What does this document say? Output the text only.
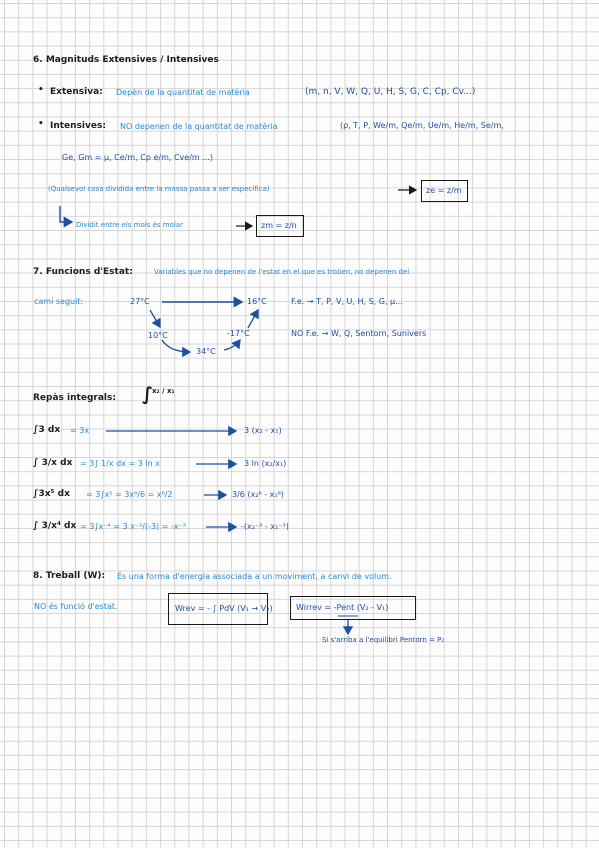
6. Magnituds Extensives / Intensives
• Extensiva: Depèn de la quantitat de matèria	(m, n, V, W, Q, U, H, S, G, C, Cp, Cv...)
• Intensives: NO depenen de la quantitat de matèria	(ρ, T, P, We/m, Qe/m, Ue/m, He/m, Se/m,
Ge, Gm = μ, Ce/m, Cp e/m, Cve/m ...)
(Qualsevol cosa dividida entre la massa passa a ser específica)	ze = z/m
Dividit entre els mols és molar	zm = z/n
7. Funcions d'Estat:	Variables que no depenen de l'estat en el que es troben, no depenen del
camí seguit:	27°C	16°C
10°C	-17°C
34°C
F.e. → T, P, V, U, H, S, G, μ...
NO F.e. → W, Q, Sentorn, Sunivers
Repàs integrals: ∫ x₂ / x₁
∫3 dx = 3x	3 (x₂ - x₁)
∫ 3/x dx = 3∫ 1/x dx = 3 ln x	3 ln (x₂/x₁)
∫3x⁵ dx = 3∫x⁵ = 3x⁶/6 = x⁶/2	3/6 (x₂⁶ - x₁⁶)
∫ 3/x⁴ dx = 3∫x⁻⁴ = 3 x⁻³/(-3) = -x⁻³	-(x₂⁻³ - x₁⁻³)
8. Treball (W): És una forma d'energia associada a un moviment, a canvi de volum.
NO és funció d'estat.	Wrev = - ∫ PdV (V₁ → V₂)	Wirrev = -Pent (V₂ - V₁)
Si s'arriba a l'equilibri Pentorn = P₂
